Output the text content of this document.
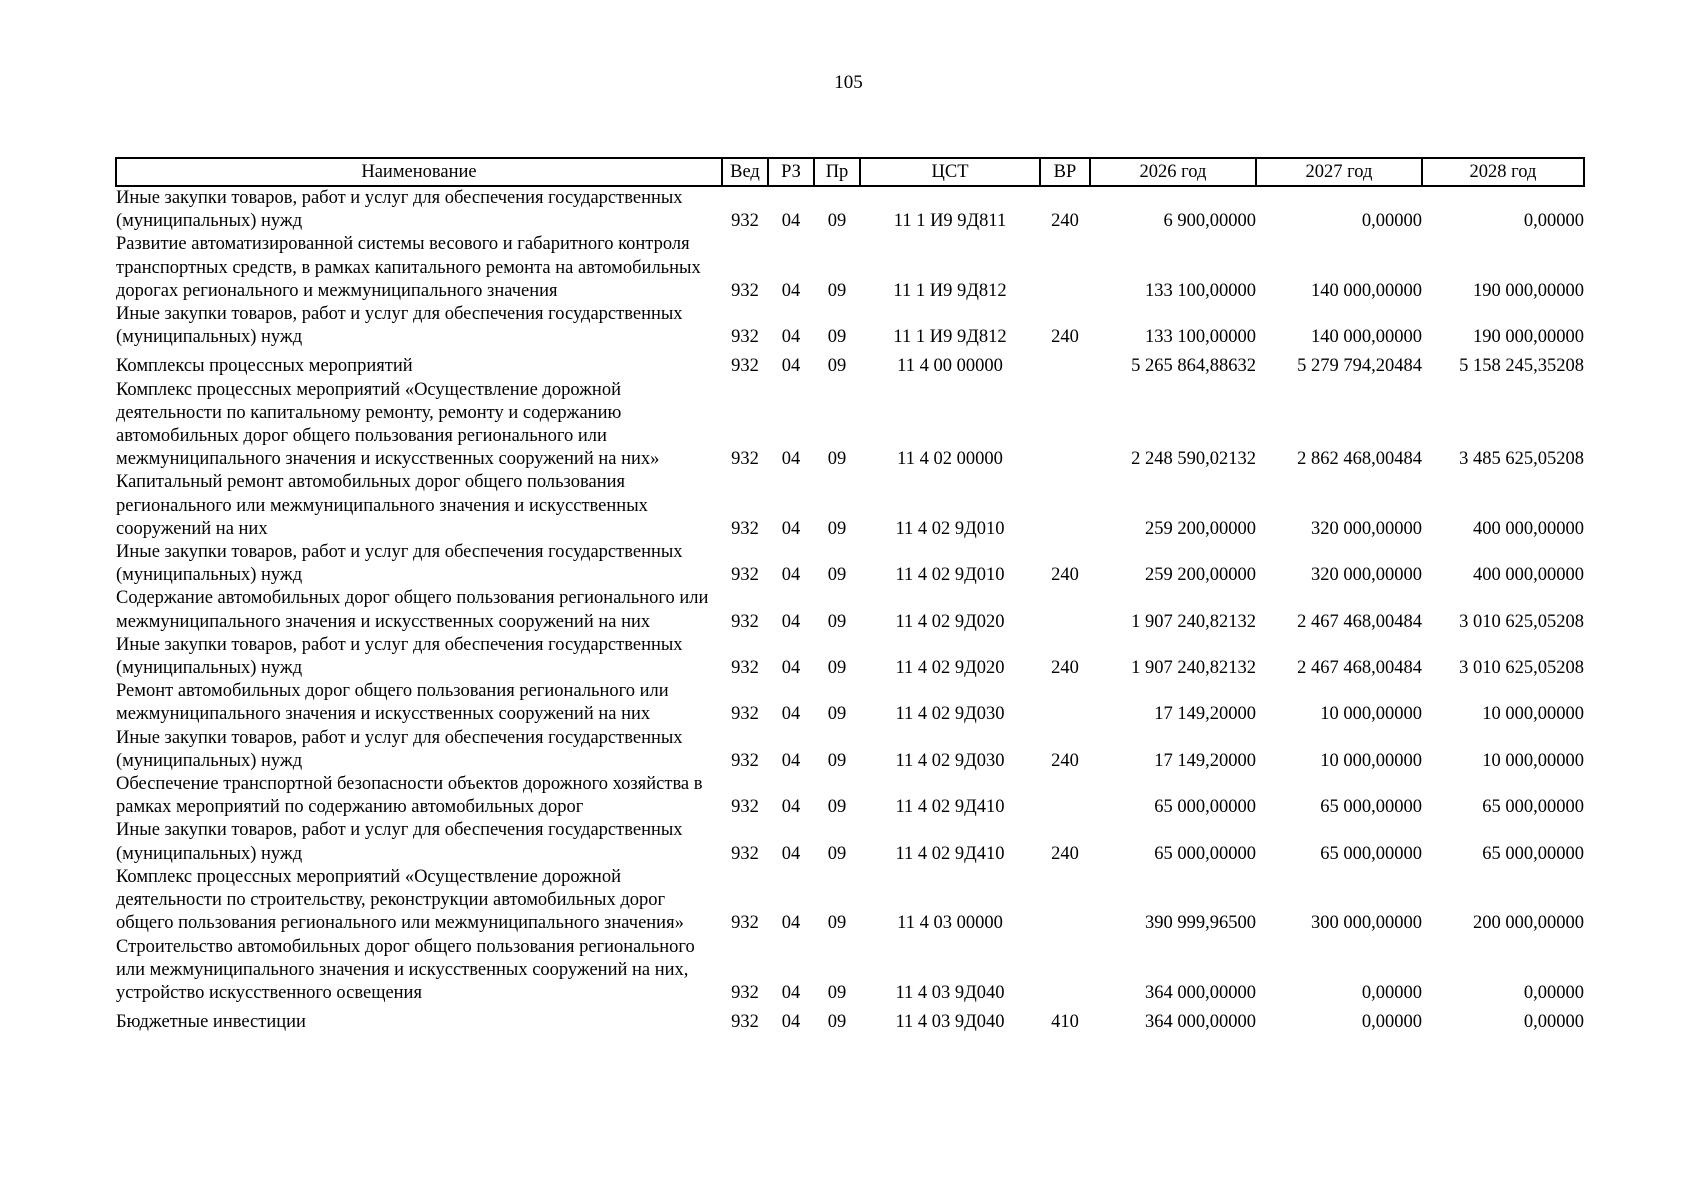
105
Наименование	Вед	РЗ	Пр	ЦСТ	ВР	2026 год	2027 год	2028 год
Иные закупки товаров, работ и услуг для обеспечения государственных (муниципальных) нужд	932	04	09	11 1 И9 9Д811	240	6 900,00000	0,00000	0,00000
Развитие автоматизированной системы весового и габаритного контроля транспортных средств, в рамках капитального ремонта на автомобильных дорогах регионального и межмуниципального значения	932	04	09	11 1 И9 9Д812		133 100,00000	140 000,00000	190 000,00000
Иные закупки товаров, работ и услуг для обеспечения государственных (муниципальных) нужд	932	04	09	11 1 И9 9Д812	240	133 100,00000	140 000,00000	190 000,00000
Комплексы процессных мероприятий	932	04	09	11 4 00 00000		5 265 864,88632	5 279 794,20484	5 158 245,35208
Комплекс процессных мероприятий «Осуществление дорожной деятельности по капитальному ремонту, ремонту и содержанию автомобильных дорог общего пользования регионального или межмуниципального значения и искусственных сооружений на них»	932	04	09	11 4 02 00000		2 248 590,02132	2 862 468,00484	3 485 625,05208
Капитальный ремонт автомобильных дорог общего пользования регионального или межмуниципального значения и искусственных сооружений на них	932	04	09	11 4 02 9Д010		259 200,00000	320 000,00000	400 000,00000
Иные закупки товаров, работ и услуг для обеспечения государственных (муниципальных) нужд	932	04	09	11 4 02 9Д010	240	259 200,00000	320 000,00000	400 000,00000
Содержание автомобильных дорог общего пользования регионального или межмуниципального значения и искусственных сооружений на них	932	04	09	11 4 02 9Д020		1 907 240,82132	2 467 468,00484	3 010 625,05208
Иные закупки товаров, работ и услуг для обеспечения государственных (муниципальных) нужд	932	04	09	11 4 02 9Д020	240	1 907 240,82132	2 467 468,00484	3 010 625,05208
Ремонт автомобильных дорог общего пользования регионального или межмуниципального значения и искусственных сооружений на них	932	04	09	11 4 02 9Д030		17 149,20000	10 000,00000	10 000,00000
Иные закупки товаров, работ и услуг для обеспечения государственных (муниципальных) нужд	932	04	09	11 4 02 9Д030	240	17 149,20000	10 000,00000	10 000,00000
Обеспечение транспортной безопасности объектов дорожного хозяйства в рамках мероприятий по содержанию автомобильных дорог	932	04	09	11 4 02 9Д410		65 000,00000	65 000,00000	65 000,00000
Иные закупки товаров, работ и услуг для обеспечения государственных (муниципальных) нужд	932	04	09	11 4 02 9Д410	240	65 000,00000	65 000,00000	65 000,00000
Комплекс процессных мероприятий «Осуществление дорожной деятельности по строительству, реконструкции автомобильных дорог общего пользования регионального или межмуниципального значения»	932	04	09	11 4 03 00000		390 999,96500	300 000,00000	200 000,00000
Строительство автомобильных дорог общего пользования регионального или межмуниципального значения и искусственных сооружений на них, устройство искусственного освещения	932	04	09	11 4 03 9Д040		364 000,00000	0,00000	0,00000
Бюджетные инвестиции	932	04	09	11 4 03 9Д040	410	364 000,00000	0,00000	0,00000
